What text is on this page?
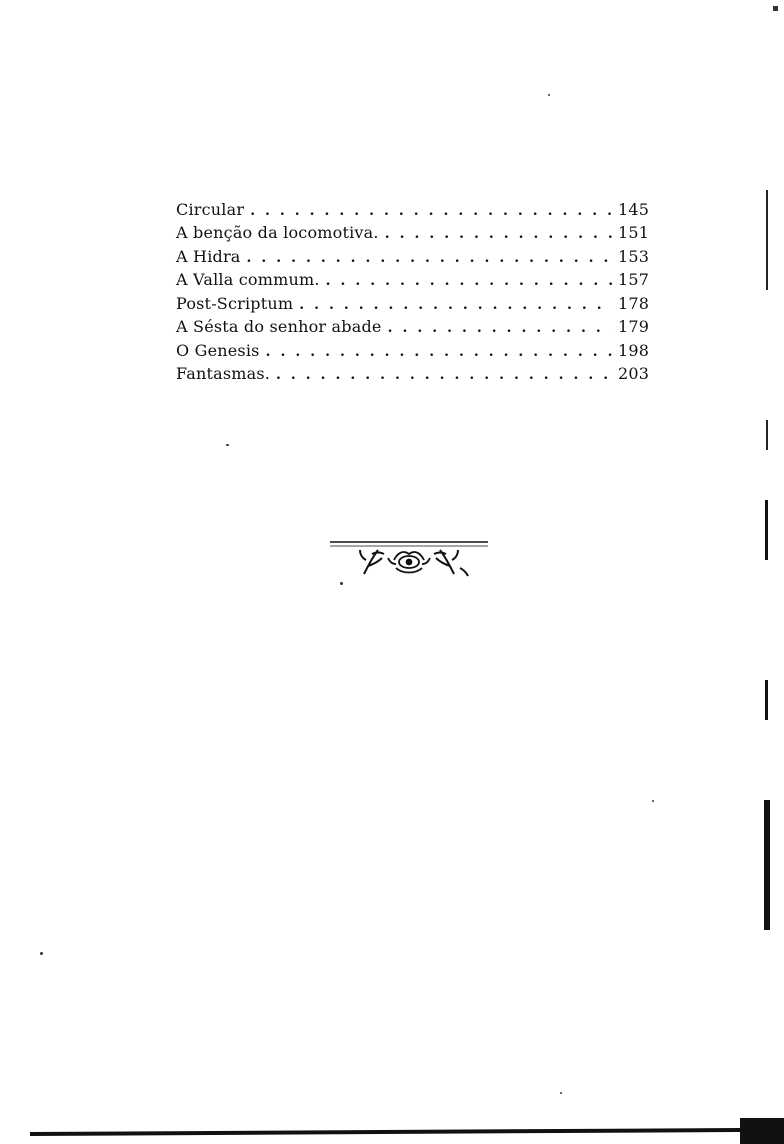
Circular .....	145
A benção da locomotiva. .....	151
A Hidra .....	153
A Valla commum. .....	157
Post-Scriptum .....	178
A Sésta do senhor abade .....	179
O Genesis .....	198
Fantasmas. .....	203
